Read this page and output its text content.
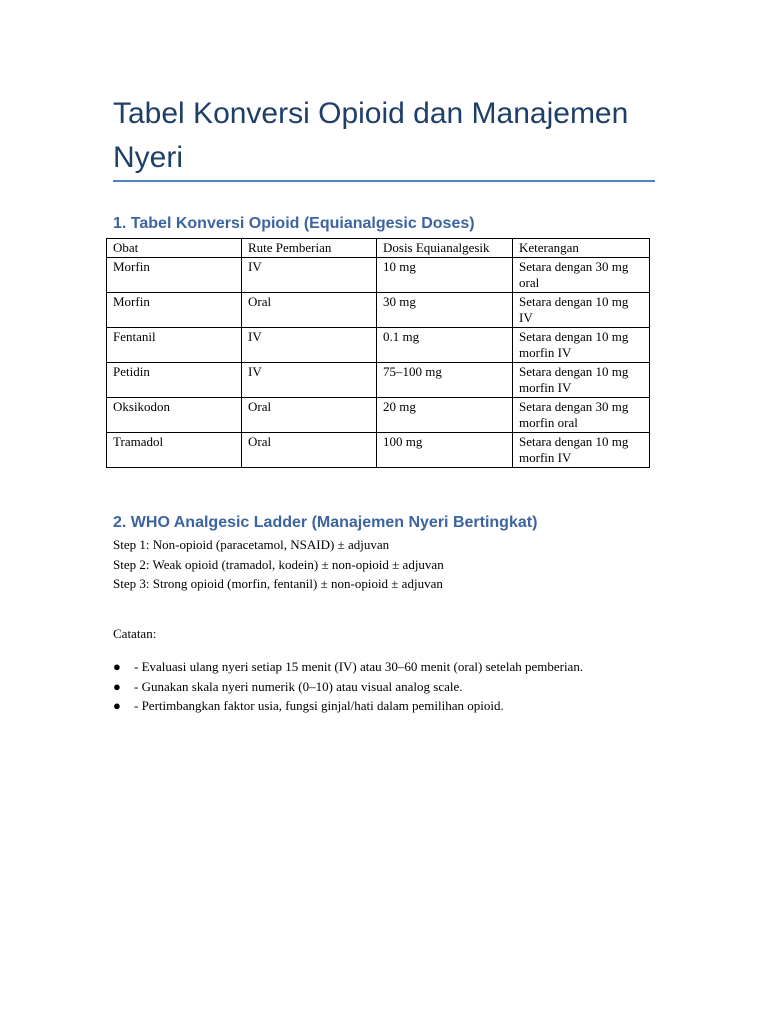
Tabel Konversi Opioid dan Manajemen Nyeri
1. Tabel Konversi Opioid (Equianalgesic Doses)
Obat	Rute Pemberian	Dosis Equianalgesik	Keterangan
Morfin	IV	10 mg	Setara dengan 30 mg oral
Morfin	Oral	30 mg	Setara dengan 10 mg IV
Fentanil	IV	0.1 mg	Setara dengan 10 mg morfin IV
Petidin	IV	75–100 mg	Setara dengan 10 mg morfin IV
Oksikodon	Oral	20 mg	Setara dengan 30 mg morfin oral
Tramadol	Oral	100 mg	Setara dengan 10 mg morfin IV
2. WHO Analgesic Ladder (Manajemen Nyeri Bertingkat)
Step 1: Non-opioid (paracetamol, NSAID) ± adjuvan
Step 2: Weak opioid (tramadol, kodein) ± non-opioid ± adjuvan
Step 3: Strong opioid (morfin, fentanil) ± non-opioid ± adjuvan

Catatan:

● - Evaluasi ulang nyeri setiap 15 menit (IV) atau 30–60 menit (oral) setelah pemberian.
● - Gunakan skala nyeri numerik (0–10) atau visual analog scale.
● - Pertimbangkan faktor usia, fungsi ginjal/hati dalam pemilihan opioid.
